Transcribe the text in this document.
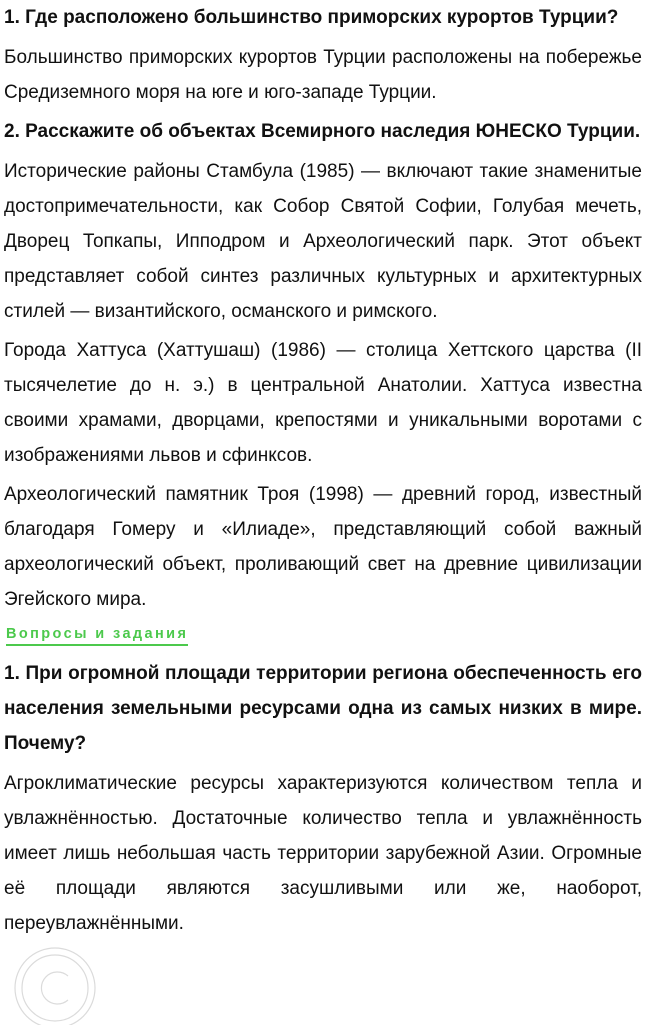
1. Где расположено большинство приморских курортов Турции?

Большинство приморских курортов Турции расположены на побережье Средиземного моря на юге и юго-западе Турции.

2. Расскажите об объектах Всемирного наследия ЮНЕСКО Турции.

Исторические районы Стамбула (1985) — включают такие знаменитые достопримечательности, как Собор Святой Софии, Голубая мечеть, Дворец Топкапы, Ипподром и Археологический парк. Этот объект представляет собой синтез различных культурных и архитектурных стилей — византийского, османского и римского.

Города Хаттуса (Хаттушаш) (1986) — столица Хеттского царства (II тысячелетие до н. э.) в центральной Анатолии. Хаттуса известна своими храмами, дворцами, крепостями и уникальными воротами с изображениями львов и сфинксов.

Археологический памятник Троя (1998) — древний город, известный благодаря Гомеру и «Илиаде», представляющий собой важный археологический объект, проливающий свет на древние цивилизации Эгейского мира.

Вопросы и задания
1. При огромной площади территории региона обеспеченность его населения земельными ресурсами одна из самых низких в мире. Почему?

Агроклиматические ресурсы характеризуются количеством тепла и увлажнённостью. Достаточные количество тепла и увлажнённость имеет лишь небольшая часть территории зарубежной Азии. Огромные её площади являются засушливыми или же, наоборот, переувлажнёнными.
